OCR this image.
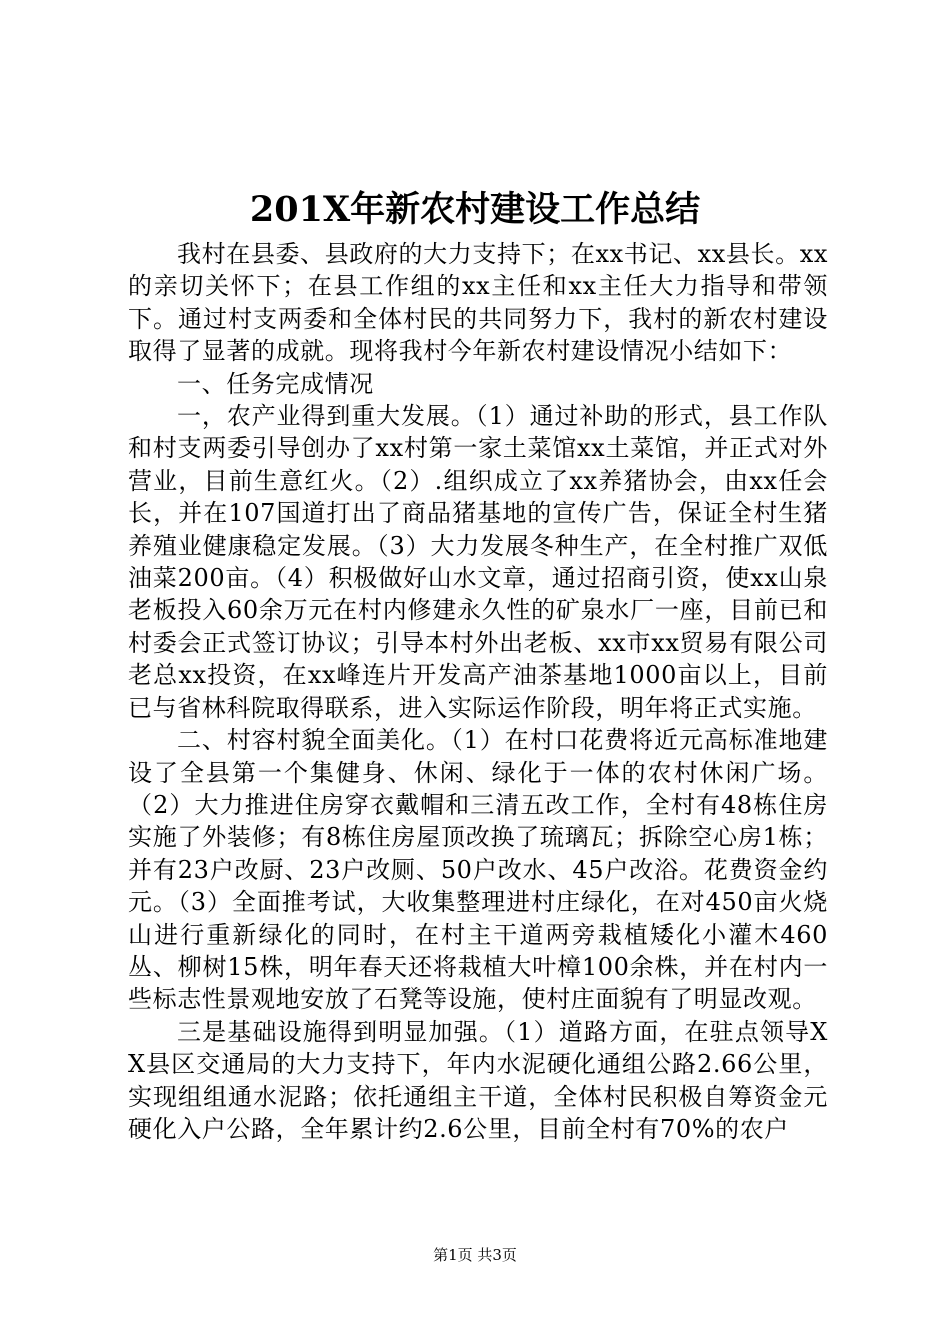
201X年新农村建设工作总结

我村在县委、县政府的大力支持下；在xx书记、xx县长。xx的亲切关怀下；在县工作组的xx主任和xx主任大力指导和带领下。通过村支两委和全体村民的共同努力下，我村的新农村建设取得了显著的成就。现将我村今年新农村建设情况小结如下：

一、任务完成情况

一，农产业得到重大发展。（1）通过补助的形式，县工作队和村支两委引导创办了xx村第一家土菜馆xx土菜馆，并正式对外营业，目前生意红火。（2）.组织成立了xx养猪协会，由xx任会长，并在107国道打出了商品猪基地的宣传广告，保证全村生猪养殖业健康稳定发展。（3）大力发展冬种生产，在全村推广双低油菜200亩。（4）积极做好山水文章，通过招商引资，使xx山泉老板投入60余万元在村内修建永久性的矿泉水厂一座，目前已和村委会正式签订协议；引导本村外出老板、xx市xx贸易有限公司老总xx投资，在xx峰连片开发高产油茶基地1000亩以上，目前已与省林科院取得联系，进入实际运作阶段，明年将正式实施。

二、村容村貌全面美化。（1）在村口花费将近元高标准地建设了全县第一个集健身、休闲、绿化于一体的农村休闲广场。（2）大力推进住房穿衣戴帽和三清五改工作，全村有48栋住房实施了外装修；有8栋住房屋顶改换了琉璃瓦；拆除空心房1栋；并有23户改厨、23户改厕、50户改水、45户改浴。花费资金约元。（3）全面推考试，大收集整理进村庄绿化，在对450亩火烧山进行重新绿化的同时，在村主干道两旁栽植矮化小灌木460丛、柳树15株，明年春天还将栽植大叶樟100余株，并在村内一些标志性景观地安放了石凳等设施，使村庄面貌有了明显改观。

三是基础设施得到明显加强。（1）道路方面，在驻点领导XX县区交通局的大力支持下，年内水泥硬化通组公路2.66公里，实现组组通水泥路；依托通组主干道，全体村民积极自筹资金元硬化入户公路，全年累计约2.6公里，目前全村有70%的农户

第1页 共3页
